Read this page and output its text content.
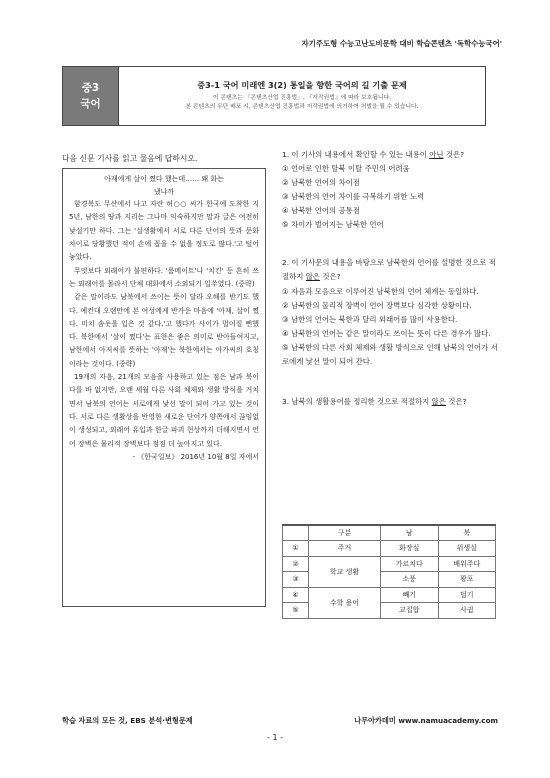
자기주도형 수능고난도비문학 대비 학습콘텐츠 '독학수능국어'
중3
국어
중3-1 국어 미래엔 3(2) 통일을 향한 국어의 길 기출 문제
이 콘텐츠는 「콘텐츠산업 진흥법」, 『저작권법』에 따라 보호됩니다.
본 콘텐츠의 무단 배포 시, 콘텐츠산업 진흥법과 저작권법에 의거하여 처벌을 될 수 있습니다.
다음 신문 기사를 읽고 물음에 답하시오.
아재에게 살이 쪘다 했는데…… 왜 화는
냈냐까

함경북도 무산에서 나고 자란 허○○ 씨가 한국에 도착한 지 5년, 남한의 땅과 지리는 그나마 익숙하지만 말과 글은 여전히 낯설기만 하다. 그는 '실생활에서 서로 다른 단어의 뜻과 문화 차이로 당황했던 적이 손에 꼽을 수 없을 정도로 많다.'고 털어놓았다.

무엇보다 외래어가 불편하다. '룸메이트'나 '치킨' 등 흔히 쓰는 외래어를 몰라서 단체 대화에서 소외되기 일쑤였다. (중략)

같은 말이라도 남북에서 쓰이는 뜻이 달라 오해를 받기도 했다. 예컨대 오랜만에 본 여성에게 반가운 마음에 '아재, 살이 쪘다. 미치 솜옷을 입은 것 같다.'고 했다가 사이가 멀어질 뻔했다. 북한에서 '살이 쪘다'는 표현은 좋은 의미로 받아들여지고, 남한에서 아저씨를 뜻하는 '아재'는 북한에서는 아가씨의 호칭이라는 것이다. (중략)

19개의 자음, 21개의 모음을 사용하고 있는 점은 남과 북이 다를 바 없지만, 오랜 세월 다른 사회 체제와 생활 방식을 거치면서 남북의 언어는 서로에게 낯선 말이 되어 가고 있는 것이다. 서로 다른 생활상을 반영한 새로운 단어가 양쪽에서 끊임없이 생성되고, 외래어 유입과 한글 파괴 현상까지 더해지면서 언어 장벽은 물리적 장벽보다 점점 더 높아지고 있다.

- 《한국일보》 2016년 10월 8일 자에서
1. 이 기사의 내용에서 확인할 수 있는 내용이 아닌 것은?
① 언어로 인한 탈북 이탈 주민의 어려움
② 남북한 언어의 차이점
③ 남북한의 언어 차이를 극복하기 위한 노력
④ 남북한 언어의 공통점
⑤ 차이가 벌어지는 남북한 언어
2. 이 기사문의 내용을 바탕으로 남북한의 언어를 설명한 것으로 적절하지 않은 것은?
① 자음과 모음으로 이루어진 남북한의 언어 체계는 동일하다.
② 남북한의 물리적 장벽이 언어 장벽보다 심각한 상황이다.
③ 남한의 언어는 북한과 달리 외래어를 많이 사용한다.
④ 남북한의 언어는 같은 말이라도 쓰이는 뜻이 다른 경우가 많다.
⑤ 남북한의 다른 사회 체제와 생활 방식으로 인해 남북의 언어가 서로에게 낯선 말이 되어 간다.
3. 남북의 생활용어를 정리한 것으로 적절하지 않은 것은?
	구분	남	북
①	주거	화장실	위생실
②	학교 생활	가르치다	배워주다
③		소풍	꽝포
④	수학 용어	빼기	덜기
⑤		교집합	사귐
학습 자료의 모든 것, EBS 분석·변형문제	나무아카데미 www.namuacademy.com
- 1 -
